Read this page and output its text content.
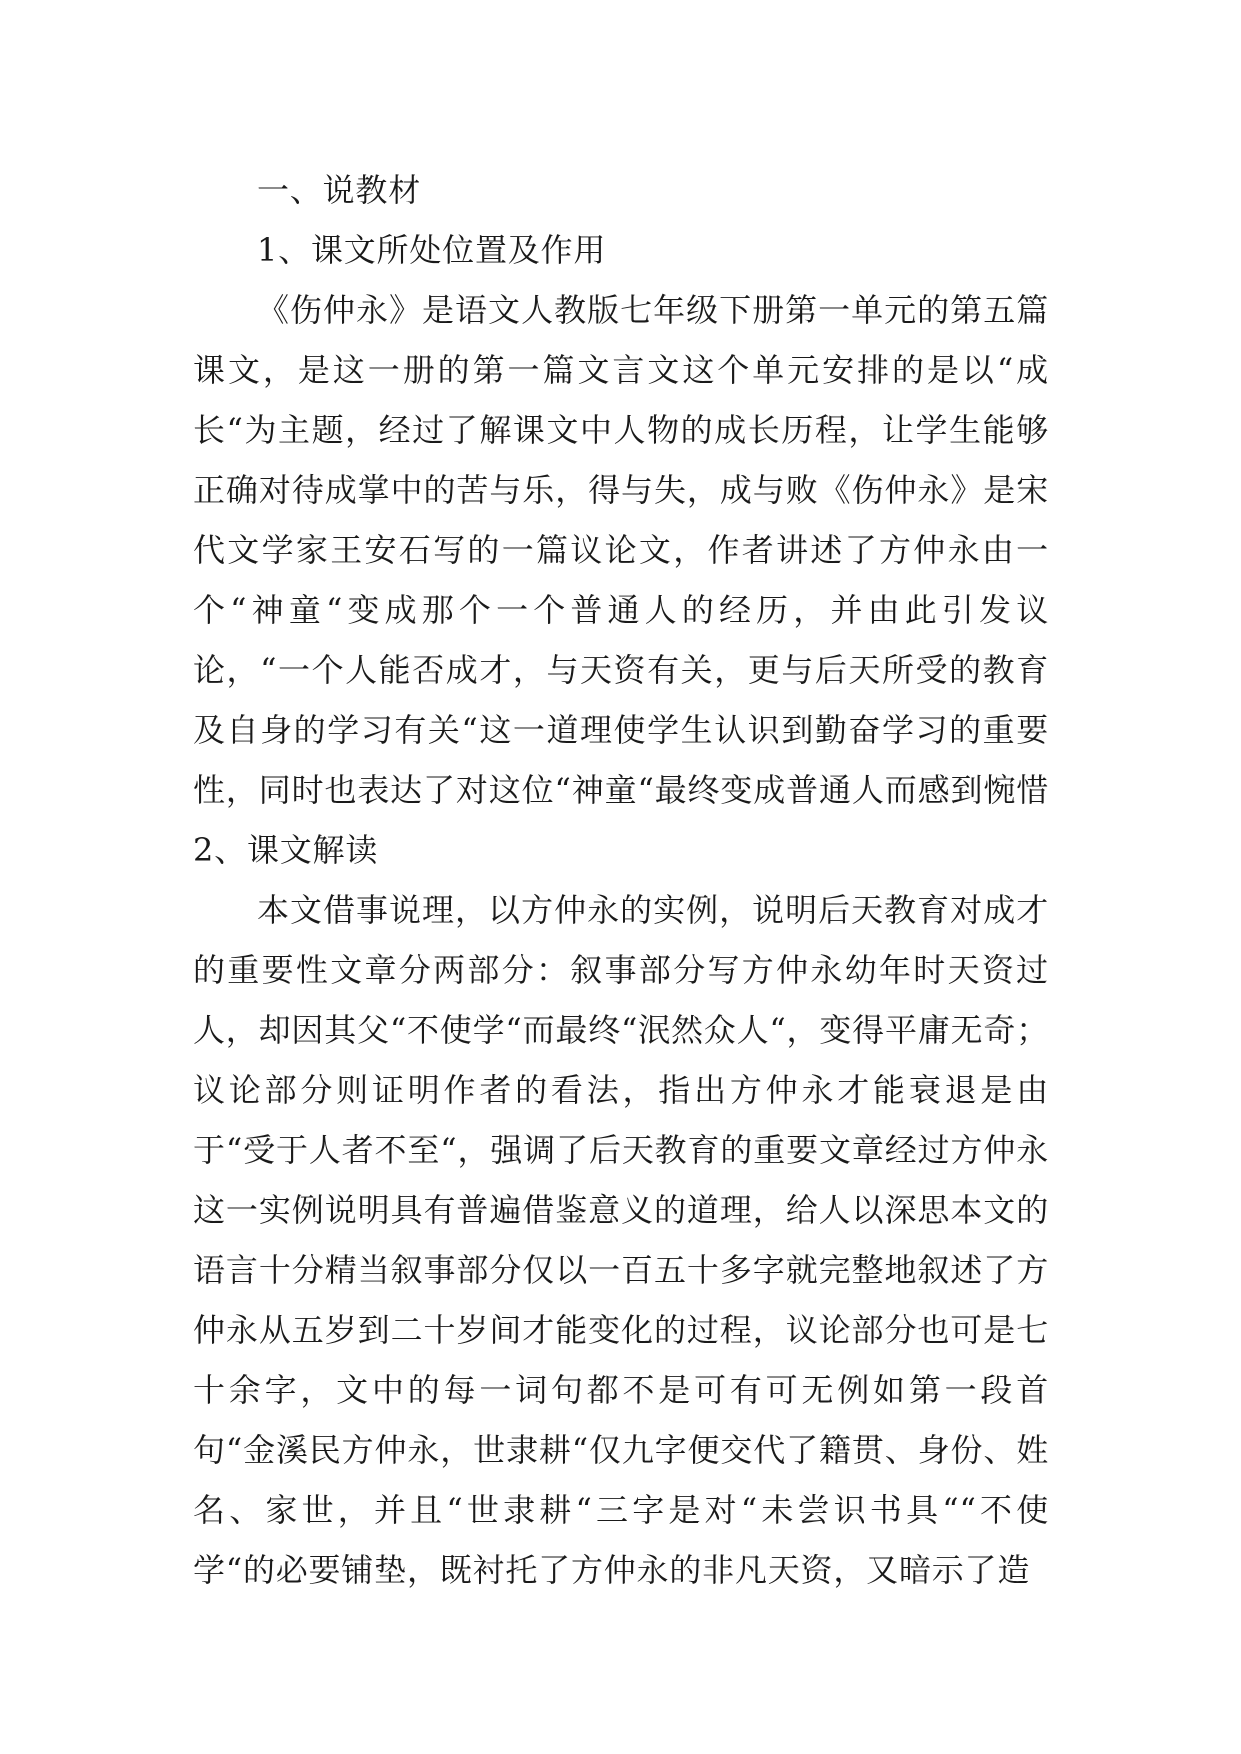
一、说教材
1、课文所处位置及作用

《伤仲永》是语文人教版七年级下册第一单元的第五篇课文，是这一册的第一篇文言文这个单元安排的是以“成长“为主题，经过了解课文中人物的成长历程，让学生能够正确对待成掌中的苦与乐，得与失，成与败《伤仲永》是宋代文学家王安石写的一篇议论文，作者讲述了方仲永由一个“神童“变成那个一个普通人的经历，并由此引发议论，“一个人能否成才，与天资有关，更与后天所受的教育及自身的学习有关“这一道理使学生认识到勤奋学习的重要性，同时也表达了对这位“神童“最终变成普通人而感到惋惜 2、课文解读

本文借事说理，以方仲永的实例，说明后天教育对成才的重要性文章分两部分：叙事部分写方仲永幼年时天资过人，却因其父“不使学“而最终“泯然众人“，变得平庸无奇；议论部分则证明作者的看法，指出方仲永才能衰退是由于“受于人者不至“，强调了后天教育的重要文章经过方仲永这一实例说明具有普遍借鉴意义的道理，给人以深思本文的语言十分精当叙事部分仅以一百五十多字就完整地叙述了方仲永从五岁到二十岁间才能变化的过程，议论部分也可是七十余字，文中的每一词句都不是可有可无例如第一段首句“金溪民方仲永，世隶耕“仅九字便交代了籍贯、身份、姓名、家世，并且“世隶耕“三字是对“未尝识书具““不使学“的必要铺垫，既衬托了方仲永的非凡天资，又暗示了造
